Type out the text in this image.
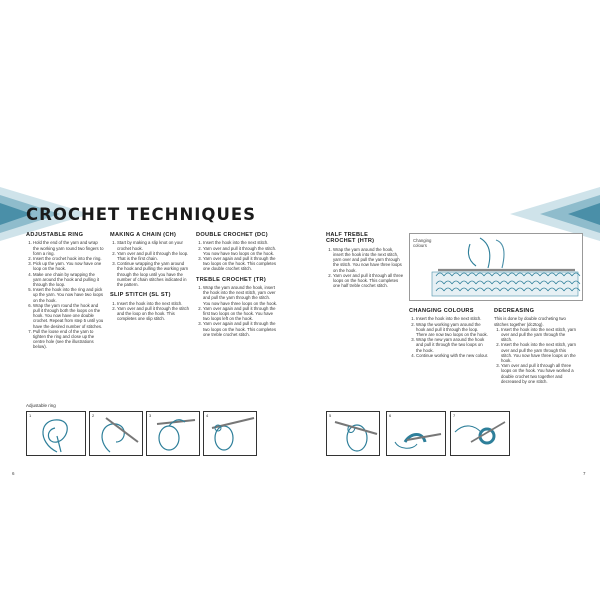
CROCHET TECHNIQUES
ADJUSTABLE RING
1. Hold the end of the yarn and wrap the working yarn round two fingers to form a ring.
2. Insert the crochet hook into the ring.
3. Pick up the yarn. You now have one loop on the hook.
4. Make one chain by wrapping the yarn around the hook and pulling it through the loop.
5. Insert the hook into the ring and pick up the yarn. You now have two loops on the hook.
6. Wrap the yarn round the hook and pull it through both the loops on the hook. You now have one double crochet. Repeat from step 5 until you have the desired number of stitches.
7. Pull the loose end of the yarn to tighten the ring and close up the centre hole (see the illustrations below).
MAKING A CHAIN (CH)
1. Start by making a slip knot on your crochet hook.
2. Yarn over and pull it through the loop. That is the first chain.
3. Continue wrapping the yarn around the hook and pulling the working yarn through the loop until you have the number of chain stitches indicated in the pattern.
SLIP STITCH (SL ST)
1. Insert the hook into the next stitch.
2. Yarn over and pull it through the stitch and the loop on the hook. This completes one slip stitch.
DOUBLE CROCHET (DC)
1. Insert the hook into the next stitch.
2. Yarn over and pull it through the stitch. You now have two loops on the hook.
3. Yarn over again and pull it through the two loops on the hook. This completes one double crochet stitch.
TREBLE CROCHET (TR)
1. Wrap the yarn around the hook, insert the hook into the next stitch, yarn over and pull the yarn through the stitch. You now have three loops on the hook.
2. Yarn over again and pull it through the first two loops on the hook. You have two loops left on the hook.
3. Yarn over again and pull it through the two loops on the hook. This completes one treble crochet stitch.
HALF TREBLE CROCHET (HTR)
1. Wrap the yarn around the hook, insert the hook into the next stitch, yarn over and pull the yarn through the stitch. You now have three loops on the hook.
2. Yarn over and pull it through all three loops on the hook. This completes one half treble crochet stitch.
Changing colours
CHANGING COLOURS
1. Insert the hook into the next stitch.
2. Wrap the working yarn around the hook and pull it through the loop. There are now two loops on the hook.
3. Wrap the new yarn around the hook and pull it through the two loops on the hook.
4. Continue working with the new colour.
DECREASING

This is done by double crocheting two stitches together (dc2tog).

1. Insert the hook into the next stitch, yarn over and pull the yarn through the stitch.
2. Insert the hook into the next stitch, yarn over and pull the yarn through this stitch. You now have three loops on the hook.
3. Yarn over and pull it through all three loops on the hook. You have worked a double crochet two together and decreased by one stitch.
Adjustable ring
1	2	3	4	5	6	7
6	7
